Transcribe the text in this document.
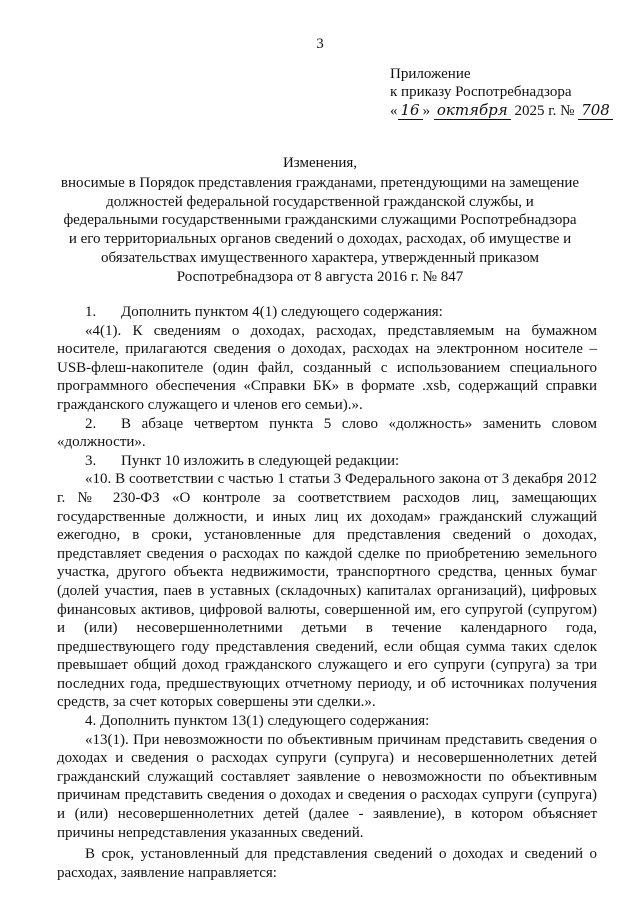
3
Приложение
к приказу Роспотребнадзора
« 16 » октября 2025 г. № 708
Изменения,
вносимые в Порядок представления гражданами, претендующими на замещение должностей федеральной государственной гражданской службы, и федеральными государственными гражданскими служащими Роспотребнадзора и его территориальных органов сведений о доходах, расходах, об имуществе и обязательствах имущественного характера, утвержденный приказом Роспотребнадзора от 8 августа 2016 г. № 847

1. Дополнить пунктом 4(1) следующего содержания:

«4(1). К сведениям о доходах, расходах, представляемым на бумажном носителе, прилагаются сведения о доходах, расходах на электронном носителе – USB-флеш-накопителе (один файл, созданный с использованием специального программного обеспечения «Справки БК» в формате .xsb, содержащий справки гражданского служащего и членов его семьи).».

2. В абзаце четвертом пункта 5 слово «должность» заменить словом «должности».

3. Пункт 10 изложить в следующей редакции:

«10. В соответствии с частью 1 статьи 3 Федерального закона от 3 декабря 2012 г. № 230-ФЗ «О контроле за соответствием расходов лиц, замещающих государственные должности, и иных лиц их доходам» гражданский служащий ежегодно, в сроки, установленные для представления сведений о доходах, представляет сведения о расходах по каждой сделке по приобретению земельного участка, другого объекта недвижимости, транспортного средства, ценных бумаг (долей участия, паев в уставных (складочных) капиталах организаций), цифровых финансовых активов, цифровой валюты, совершенной им, его супругой (супругом) и (или) несовершеннолетними детьми в течение календарного года, предшествующего году представления сведений, если общая сумма таких сделок превышает общий доход гражданского служащего и его супруги (супруга) за три последних года, предшествующих отчетному периоду, и об источниках получения средств, за счет которых совершены эти сделки.».

4. Дополнить пунктом 13(1) следующего содержания:

«13(1). При невозможности по объективным причинам представить сведения о доходах и сведения о расходах супруги (супруга) и несовершеннолетних детей гражданский служащий составляет заявление о невозможности по объективным причинам представить сведения о доходах и сведения о расходах супруги (супруга) и (или) несовершеннолетних детей (далее - заявление), в котором объясняет причины непредставления указанных сведений.

В срок, установленный для представления сведений о доходах и сведений о расходах, заявление направляется:
